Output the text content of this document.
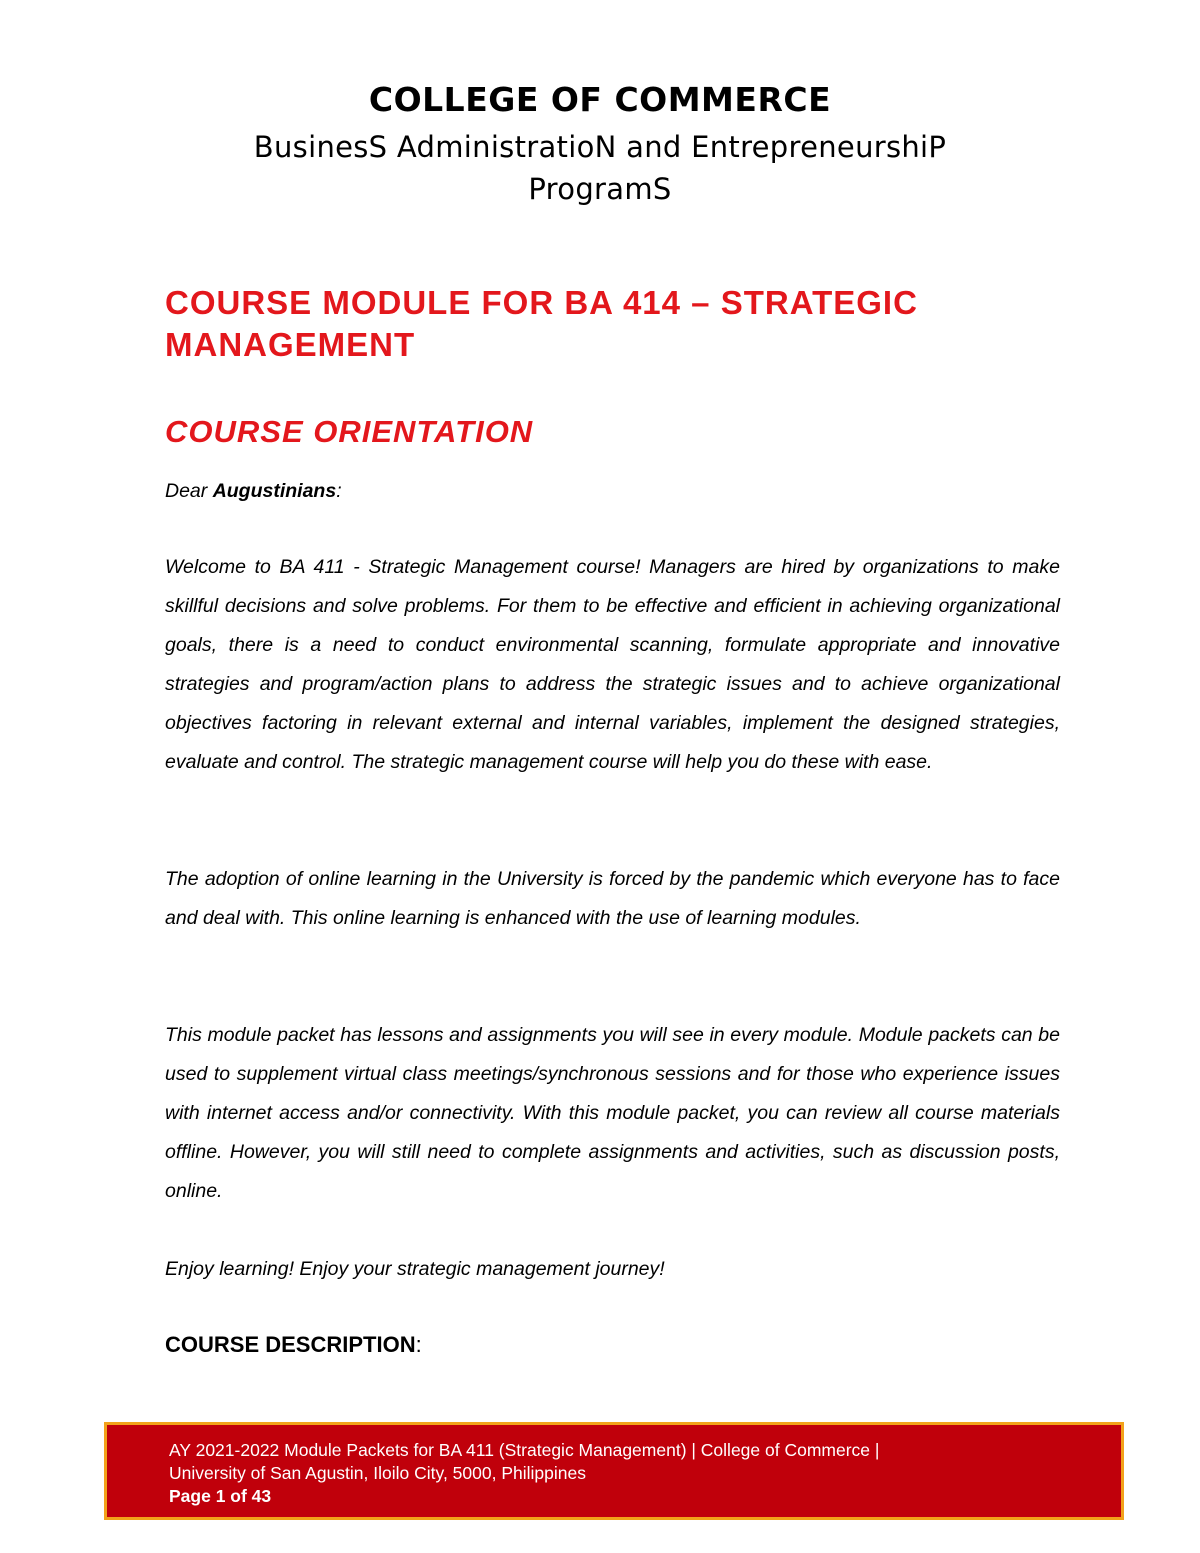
COLLEGE OF COMMERCE
BusinesS AdministratioN and EntrepreneurshiP
ProgramS
COURSE MODULE FOR BA 414 – STRATEGIC MANAGEMENT
COURSE ORIENTATION

Dear Augustinians:

Welcome to BA 411 - Strategic Management course! Managers are hired by organizations to make skillful decisions and solve problems. For them to be effective and efficient in achieving organizational goals, there is a need to conduct environmental scanning, formulate appropriate and innovative strategies and program/action plans to address the strategic issues and to achieve organizational objectives factoring in relevant external and internal variables, implement the designed strategies, evaluate and control. The strategic management course will help you do these with ease.

The adoption of online learning in the University is forced by the pandemic which everyone has to face and deal with. This online learning is enhanced with the use of learning modules.

This module packet has lessons and assignments you will see in every module. Module packets can be used to supplement virtual class meetings/synchronous sessions and for those who experience issues with internet access and/or connectivity. With this module packet, you can review all course materials offline. However, you will still need to complete assignments and activities, such as discussion posts, online.

Enjoy learning! Enjoy your strategic management journey!

COURSE DESCRIPTION:
AY 2021-2022 Module Packets for BA 411 (Strategic Management) | College of Commerce |
University of San Agustin, Iloilo City, 5000, Philippines
Page 1 of 43
